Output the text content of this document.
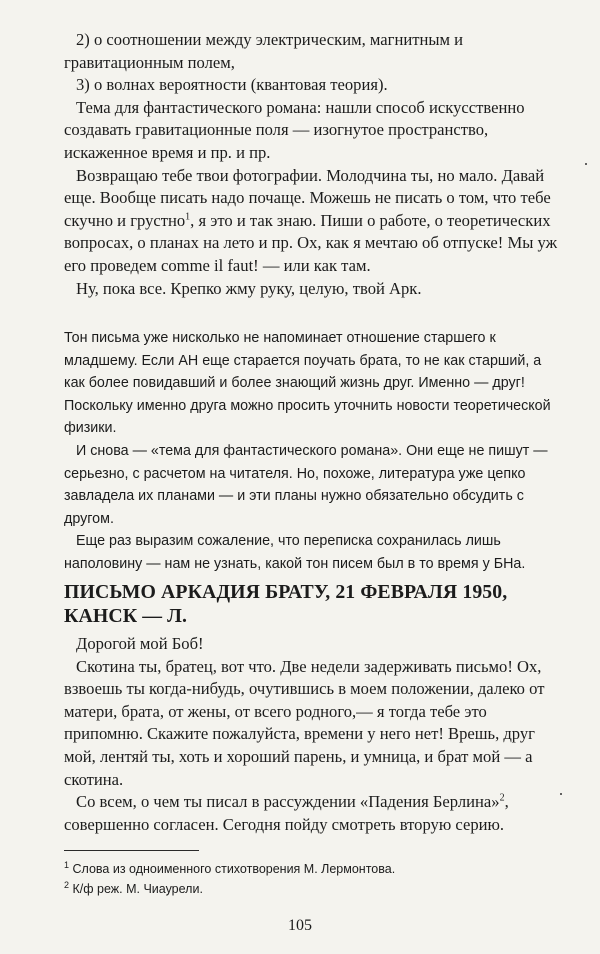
2) о соотношении между электрическим, магнитным и гравитационным полем,

3) о волнах вероятности (квантовая теория).

Тема для фантастического романа: нашли способ искусственно создавать гравитационные поля — изогнутое пространство, искаженное время и пр. и пр.

Возвращаю тебе твои фотографии. Молодчина ты, но мало. Давай еще. Вообще писать надо почаще. Можешь не писать о том, что тебе скучно и грустно$^1$, я это и так знаю. Пиши о работе, о теоретических вопросах, о планах на лето и пр. Ох, как я мечтаю об отпуске! Мы уж его проведем comme il faut! — или как там.

Ну, пока все. Крепко жму руку, целую, твой Арк.

Тон письма уже нисколько не напоминает отношение старшего к младшему. Если АН еще старается поучать брата, то не как старший, а как более повидавший и более знающий жизнь друг. Именно — друг! Поскольку именно друга можно просить уточнить новости теоретической физики.

И снова — «тема для фантастического романа». Они еще не пишут — серьезно, с расчетом на читателя. Но, похоже, литература уже цепко завладела их планами — и эти планы нужно обязательно обсудить с другом.

Еще раз выразим сожаление, что переписка сохранилась лишь наполовину — нам не узнать, какой тон писем был в то время у БНа.

ПИСЬМО АРКАДИЯ БРАТУ, 21 ФЕВРАЛЯ 1950, КАНСК — Л.

Дорогой мой Боб!

Скотина ты, братец, вот что. Две недели задерживать письмо! Ох, взвоешь ты когда-нибудь, очутившись в моем положении, далеко от матери, брата, от жены, от всего родного,— я тогда тебе это припомню. Скажите пожалуйста, времени у него нет! Врешь, друг мой, лентяй ты, хоть и хороший парень, и умница, и брат мой — а скотина.

Со всем, о чем ты писал в рассуждении «Падения Берлина»$^2$, совершенно согласен. Сегодня пойду смотреть вторую серию.

$^1$ Слова из одноименного стихотворения М. Лермонтова.
$^2$ К/ф реж. М. Чиаурели.
105
